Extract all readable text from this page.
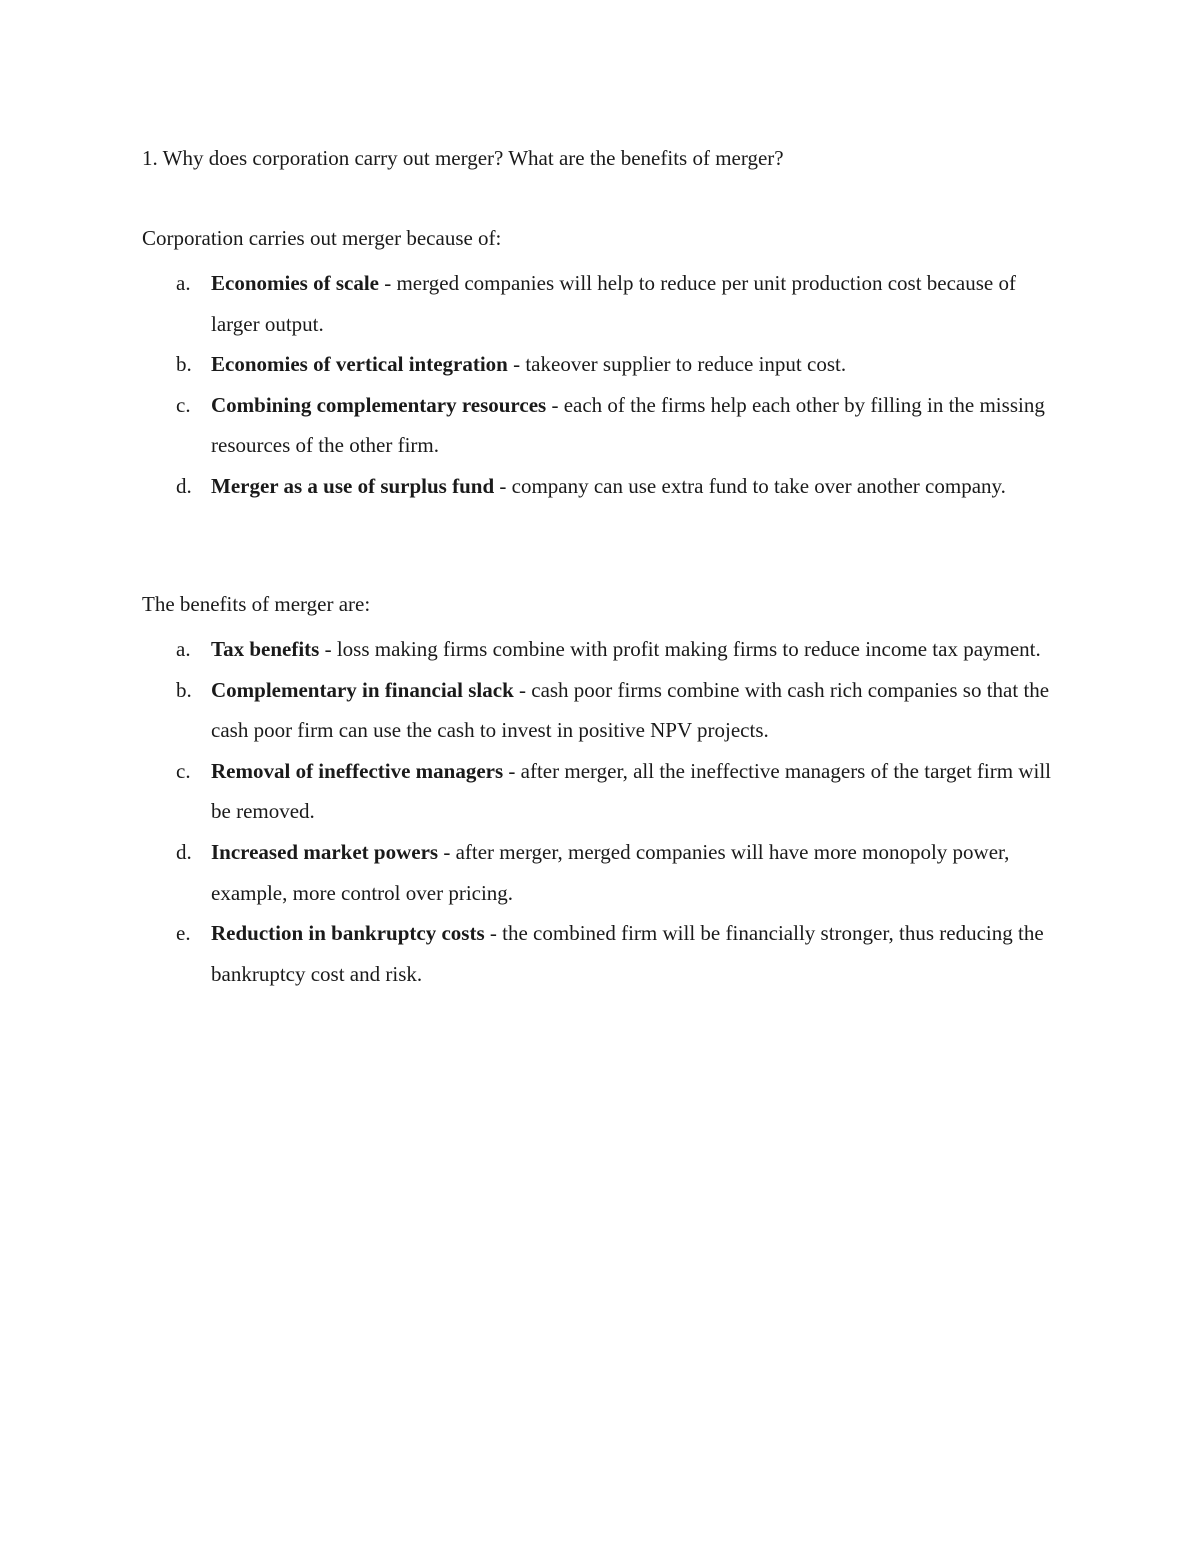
1. Why does corporation carry out merger? What are the benefits of merger?

Corporation carries out merger because of:

a. Economies of scale - merged companies will help to reduce per unit production cost because of larger output.
b. Economies of vertical integration - takeover supplier to reduce input cost.
c. Combining complementary resources - each of the firms help each other by filling in the missing resources of the other firm.
d. Merger as a use of surplus fund - company can use extra fund to take over another company.

The benefits of merger are:

a. Tax benefits - loss making firms combine with profit making firms to reduce income tax payment.
b. Complementary in financial slack - cash poor firms combine with cash rich companies so that the cash poor firm can use the cash to invest in positive NPV projects.
c. Removal of ineffective managers - after merger, all the ineffective managers of the target firm will be removed.
d. Increased market powers - after merger, merged companies will have more monopoly power, example, more control over pricing.
e. Reduction in bankruptcy costs - the combined firm will be financially stronger, thus reducing the bankruptcy cost and risk.
